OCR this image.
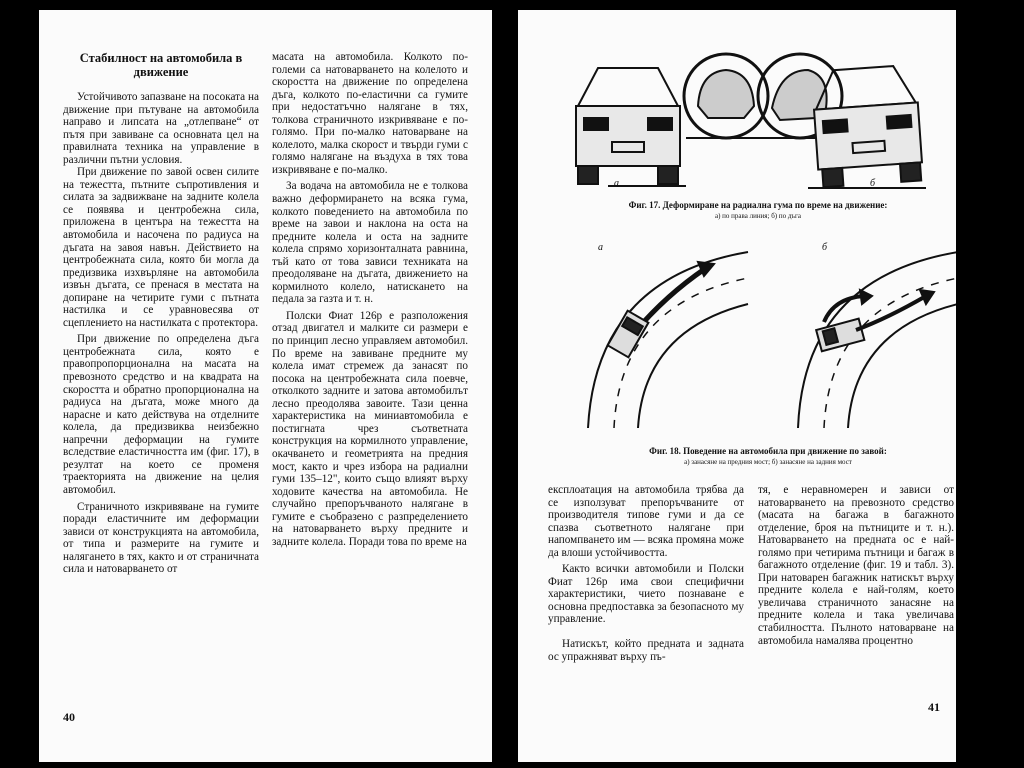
Стабилност на автомобила в движение

Устойчивото запазване на посоката на движение при пътуване на автомобила направо и липсата на „отлепване“ от пътя при завиване са основната цел на правилната техника на управление в различни пътни условия.

При движение по завой освен силите на тежестта, пътните съпротивления и силата за задвижване на задните колела се появява и центробежна сила, приложена в центъра на тежестта на автомобила и насочена по радиуса на дъгата на завоя навън. Действието на центробежната сила, която би могла да предизвика изхвърляне на автомобила извън дъгата, се пренася в местата на допиране на четирите гуми с пътната настилка и се уравновесява от сцеплението на настилката с протектора.

При движение по определена дъга центробежната сила, която е правопропорционална на масата на превозното средство и на квадрата на скоростта и обратно пропорционална на радиуса на дъгата, може много да нарасне и като действува на отделните колела, да предизвиква неизбежно напречни деформации на гумите вследствие еластичността им (фиг. 17), в резултат на което се променя траекторията на движение на целия автомобил.

Страничното изкривяване на гумите поради еластичните им деформации зависи от конструкцията на автомобила, от типа и размерите на гумите и налягането в тях, както и от страничната сила и натоварването от

масата на автомобила. Колкото по-големи са натоварването на колелото и скоростта на движение по определена дъга, колкото по-еластични са гумите при недостатъчно налягане в тях, толкова страничното изкривяване е по-голямо. При по-малко натоварване на колелото, малка скорост и твърди гуми с голямо налягане на въздуха в тях това изкривяване е по-малко.

За водача на автомобила не е толкова важно деформирането на всяка гума, колкото поведението на автомобила по време на завои и наклона на оста на предните колела и оста на задните колела спрямо хоризонталната равнина, тъй като от това зависи техниката на преодоляване на дъгата, движението на кормилното колело, натискането на педала за газта и т. н.

Полски Фиат 126р е разположения отзад двигател и малките си размери е по принцип лесно управляем автомобил. По време на завиване предните му колела имат стремеж да занасят по посока на центробежната сила поевче, отколкото задните и затова автомобилът лесно преодолява завоите. Тази ценна характеристика на миниавтомобила е постигната чрез съответната конструкция на кормилното управление, окачването и геометрията на предния мост, както и чрез избора на радиални гуми 135–12", които също влияят върху ходовите качества на автомобила. Не случайно препоръчваното налягане в гумите е съобразено с разпределението на натоварването върху предните и задните колела. Поради това по време на

40
а	б
Фиг. 17. Деформиране на радиална гума по време на движение:
а) по права линия; б) по дъга
а	б
Фиг. 18. Поведение на автомобила при движение по завой:
а) занасяне на предния мост; б) занасяне на задния мост

експлоатация на автомобила трябва да се използуват препоръчваните от производителя типове гуми и да се спазва съответното налягане при напомпването им — всяка промяна може да влоши устойчивостта.

Както всички автомобили и Полски Фиат 126р има свои специфични характеристики, чието познаване е основна предпоставка за безопасното му управление.

Натискът, който предната и задната ос упражняват върху пъ-

тя, е неравномерен и зависи от натоварването на превозното средство (масата на багажа в багажното отделение, броя на пътниците и т. н.). Натоварването на предната ос е най-голямо при четирима пътници и багаж в багажното отделение (фиг. 19 и табл. 3). При натоварен багажник натискът върху предните колела е най-голям, което увеличава страничното занасяне на предните колела и така увеличава стабилността. Пълното натоварване на автомобила намалява процентно

41
